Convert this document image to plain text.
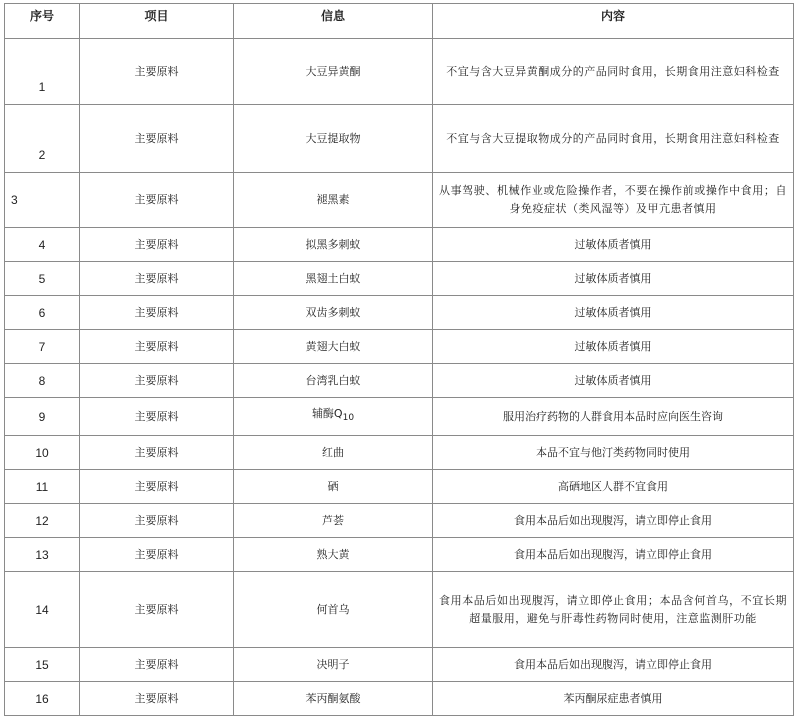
序号	项目	信息	内容
1	主要原料	大豆异黄酮	不宜与含大豆异黄酮成分的产品同时食用，长期食用注意妇科检查
2	主要原料	大豆提取物	不宜与含大豆提取物成分的产品同时食用，长期食用注意妇科检查
3	主要原料	褪黑素	从事驾驶、机械作业或危险操作者，不要在操作前或操作中食用；自身免疫症状（类风湿等）及甲亢患者慎用
4	主要原料	拟黑多刺蚁	过敏体质者慎用
5	主要原料	黑翅土白蚁	过敏体质者慎用
6	主要原料	双齿多刺蚁	过敏体质者慎用
7	主要原料	黄翅大白蚁	过敏体质者慎用
8	主要原料	台湾乳白蚁	过敏体质者慎用
9	主要原料	辅酶$Q_{10}$	服用治疗药物的人群食用本品时应向医生咨询
10	主要原料	红曲	本品不宜与他汀类药物同时使用
11	主要原料	硒	高硒地区人群不宜食用
12	主要原料	芦荟	食用本品后如出现腹泻，请立即停止食用
13	主要原料	熟大黄	食用本品后如出现腹泻，请立即停止食用
14	主要原料	何首乌	食用本品后如出现腹泻，请立即停止食用；本品含何首乌，不宜长期超量服用，避免与肝毒性药物同时使用，注意监测肝功能
15	主要原料	决明子	食用本品后如出现腹泻，请立即停止食用
16	主要原料	苯丙酮氨酸	苯丙酮尿症患者慎用
